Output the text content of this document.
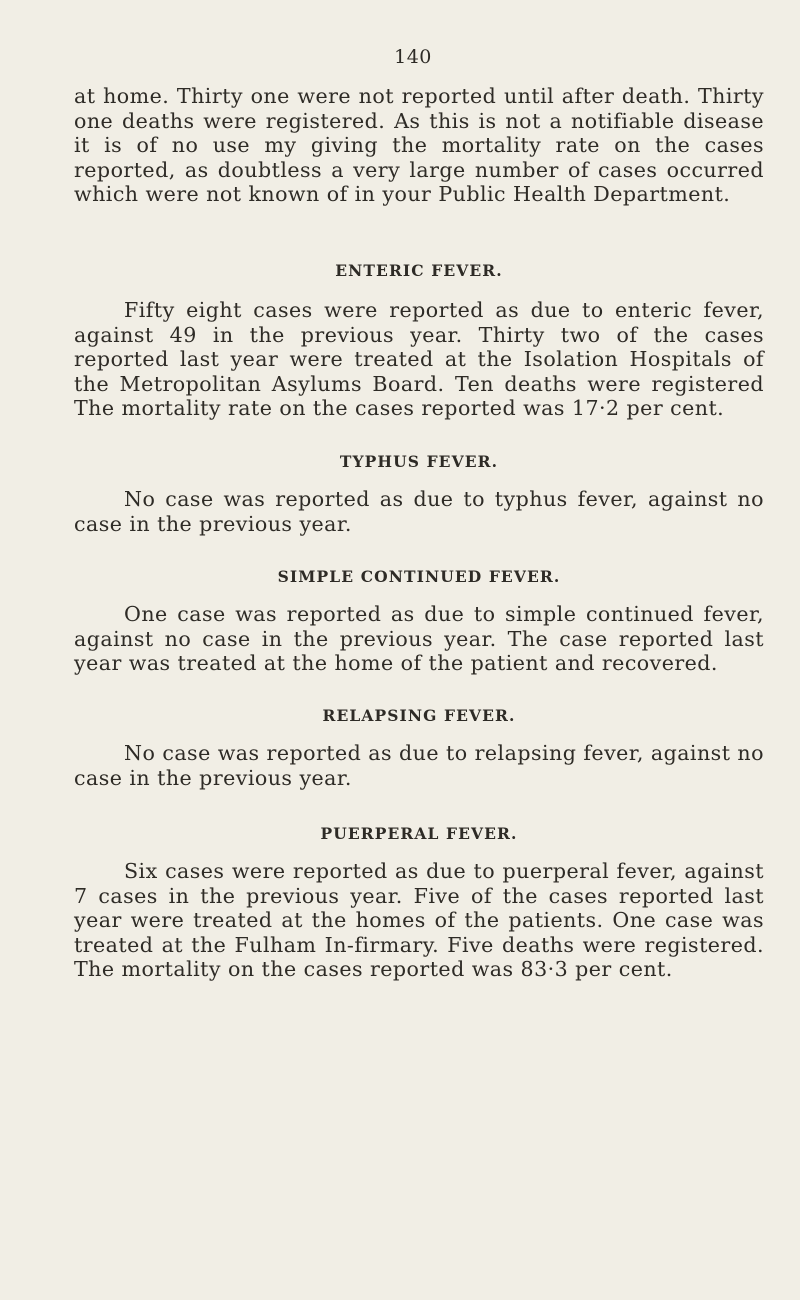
140

at home. Thirty one were not reported until after death. Thirty one deaths were registered. As this is not a notifiable disease it is of no use my giving the mortality rate on the cases reported, as doubtless a very large number of cases occurred which were not known of in your Public Health Department.

ENTERIC FEVER.

Fifty eight cases were reported as due to enteric fever, against 49 in the previous year. Thirty two of the cases reported last year were treated at the Isolation Hospitals of the Metropolitan Asylums Board. Ten deaths were registered The mortality rate on the cases reported was 17·2 per cent.

TYPHUS FEVER.

No case was reported as due to typhus fever, against no case in the previous year.

SIMPLE CONTINUED FEVER.

One case was reported as due to simple continued fever, against no case in the previous year. The case reported last year was treated at the home of the patient and recovered.

RELAPSING FEVER.

No case was reported as due to relapsing fever, against no case in the previous year.

PUERPERAL FEVER.

Six cases were reported as due to puerperal fever, against 7 cases in the previous year. Five of the cases reported last year were treated at the homes of the patients. One case was treated at the Fulham In-firmary. Five deaths were registered. The mortality on the cases reported was 83·3 per cent.
